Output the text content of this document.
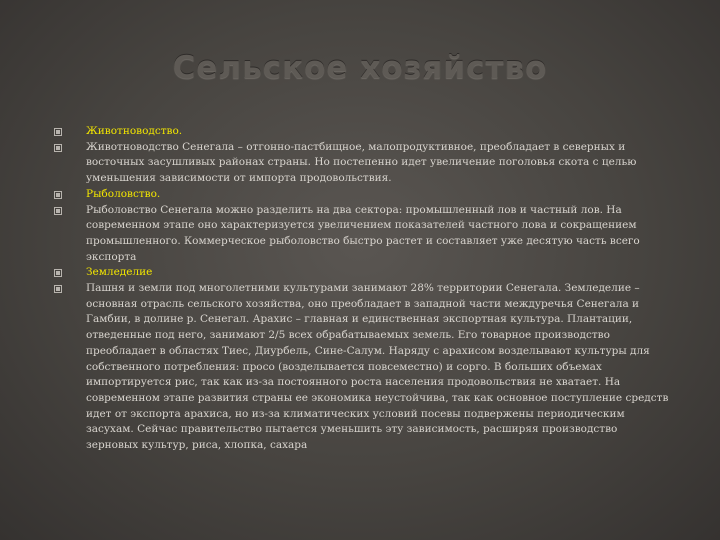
Сельское хозяйство

Животноводство.

Животноводство Сенегала – отгонно-пастбищное, малопродуктивное, преобладает в северных и восточных засушливых районах страны. Но постепенно идет увеличение поголовья скота с целью уменьшения зависимости от импорта продовольствия.

Рыболовство.

Рыболовство Сенегала можно разделить на два сектора: промышленный лов и частный лов. На современном этапе оно характеризуется увеличением показателей частного лова и сокращением промышленного. Коммерческое рыболовство быстро растет и составляет уже десятую часть всего экспорта

Земледелие

Пашня и земли под многолетними культурами занимают 28% территории Сенегала. Земледелие – основная отрасль сельского хозяйства, оно преобладает в западной части междуречья Сенегала и Гамбии, в долине р. Сенегал. Арахис – главная и единственная экспортная культура. Плантации, отведенные под него, занимают 2/5 всех обрабатываемых земель. Его товарное производство преобладает в областях Тиес, Диурбель, Сине-Салум. Наряду с арахисом возделывают культуры для собственного потребления: просо (возделывается повсеместно) и сорго. В больших объемах импортируется рис, так как из-за постоянного роста населения продовольствия не хватает. На современном этапе развития страны ее экономика неустойчива, так как основное поступление средств идет от экспорта арахиса, но из-за климатических условий посевы подвержены периодическим засухам. Сейчас правительство пытается уменьшить эту зависимость, расширяя производство зерновых культур, риса, хлопка, сахара
